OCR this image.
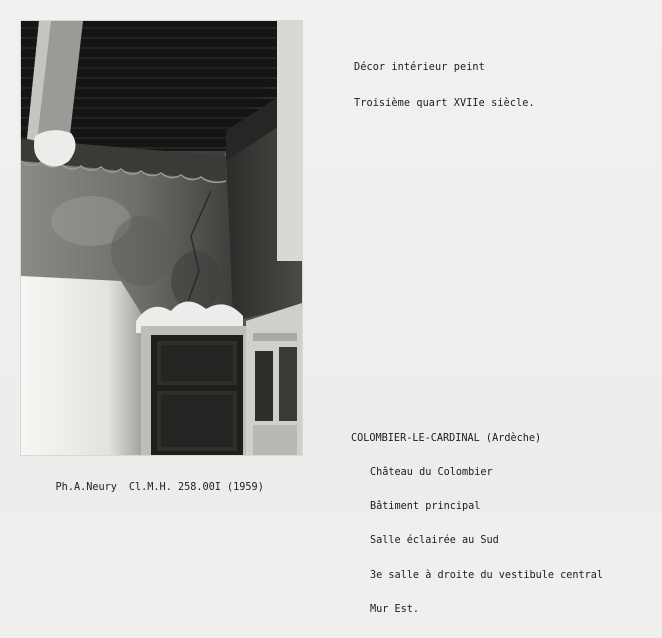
Décor intérieur peint

Troisième quart XVIIe siècle.

COLOMBIER-LE-CARDINAL (Ardèche)

Château du Colombier

Bâtiment principal

Salle éclairée au Sud

3e salle à droite du vestibule central

Mur Est.

Ph.A.Neury Cl.M.H. 258.00I (1959)
